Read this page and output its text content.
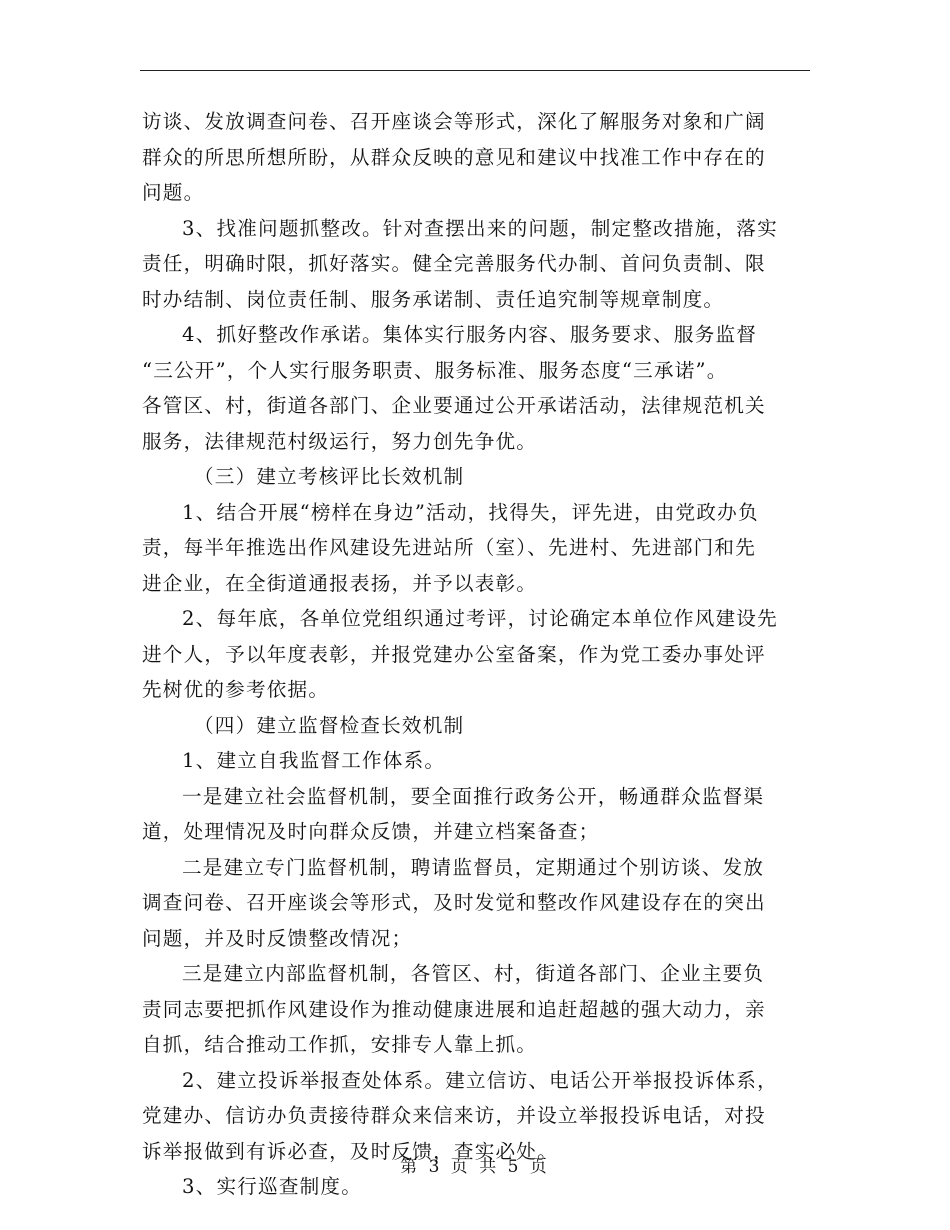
访谈、发放调查问卷、召开座谈会等形式，深化了解服务对象和广阔
群众的所思所想所盼，从群众反映的意见和建议中找准工作中存在的
问题。
3、找准问题抓整改。针对查摆出来的问题，制定整改措施，落实
责任，明确时限，抓好落实。健全完善服务代办制、首问负责制、限
时办结制、岗位责任制、服务承诺制、责任追究制等规章制度。
4、抓好整改作承诺。集体实行服务内容、服务要求、服务监督
“三公开”，个人实行服务职责、服务标准、服务态度“三承诺”。
各管区、村，街道各部门、企业要通过公开承诺活动，法律规范机关
服务，法律规范村级运行，努力创先争优。
（三）建立考核评比长效机制
1、结合开展“榜样在身边”活动，找得失，评先进，由党政办负
责，每半年推选出作风建设先进站所（室）、先进村、先进部门和先
进企业，在全街道通报表扬，并予以表彰。
2、每年底，各单位党组织通过考评，讨论确定本单位作风建设先
进个人，予以年度表彰，并报党建办公室备案，作为党工委办事处评
先树优的参考依据。
（四）建立监督检查长效机制
1、建立自我监督工作体系。
一是建立社会监督机制，要全面推行政务公开，畅通群众监督渠
道，处理情况及时向群众反馈，并建立档案备查；
二是建立专门监督机制，聘请监督员，定期通过个别访谈、发放
调查问卷、召开座谈会等形式，及时发觉和整改作风建设存在的突出
问题，并及时反馈整改情况；
三是建立内部监督机制，各管区、村，街道各部门、企业主要负
责同志要把抓作风建设作为推动健康进展和追赶超越的强大动力，亲
自抓，结合推动工作抓，安排专人靠上抓。
2、建立投诉举报查处体系。建立信访、电话公开举报投诉体系，
党建办、信访办负责接待群众来信来访，并设立举报投诉电话，对投
诉举报做到有诉必查，及时反馈，查实必处。
3、实行巡查制度。
第 3 页 共 5 页
